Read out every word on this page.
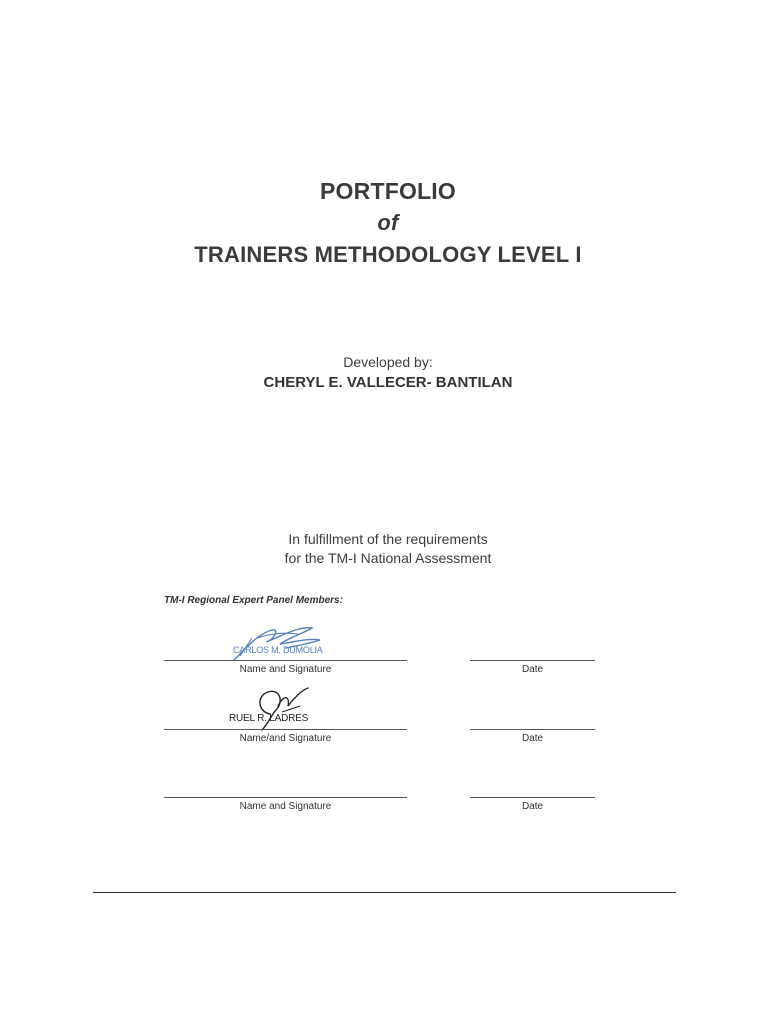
PORTFOLIO
of
TRAINERS METHODOLOGY LEVEL I
Developed by:
CHERYL E. VALLECER- BANTILAN
In fulfillment of the requirements
for the TM-I National Assessment
TM-I Regional Expert Panel Members:
CARLOS M. DUMOLIA
Name and Signature	Date
RUEL R. LADRES
Name/and Signature	Date
Name and Signature	Date
